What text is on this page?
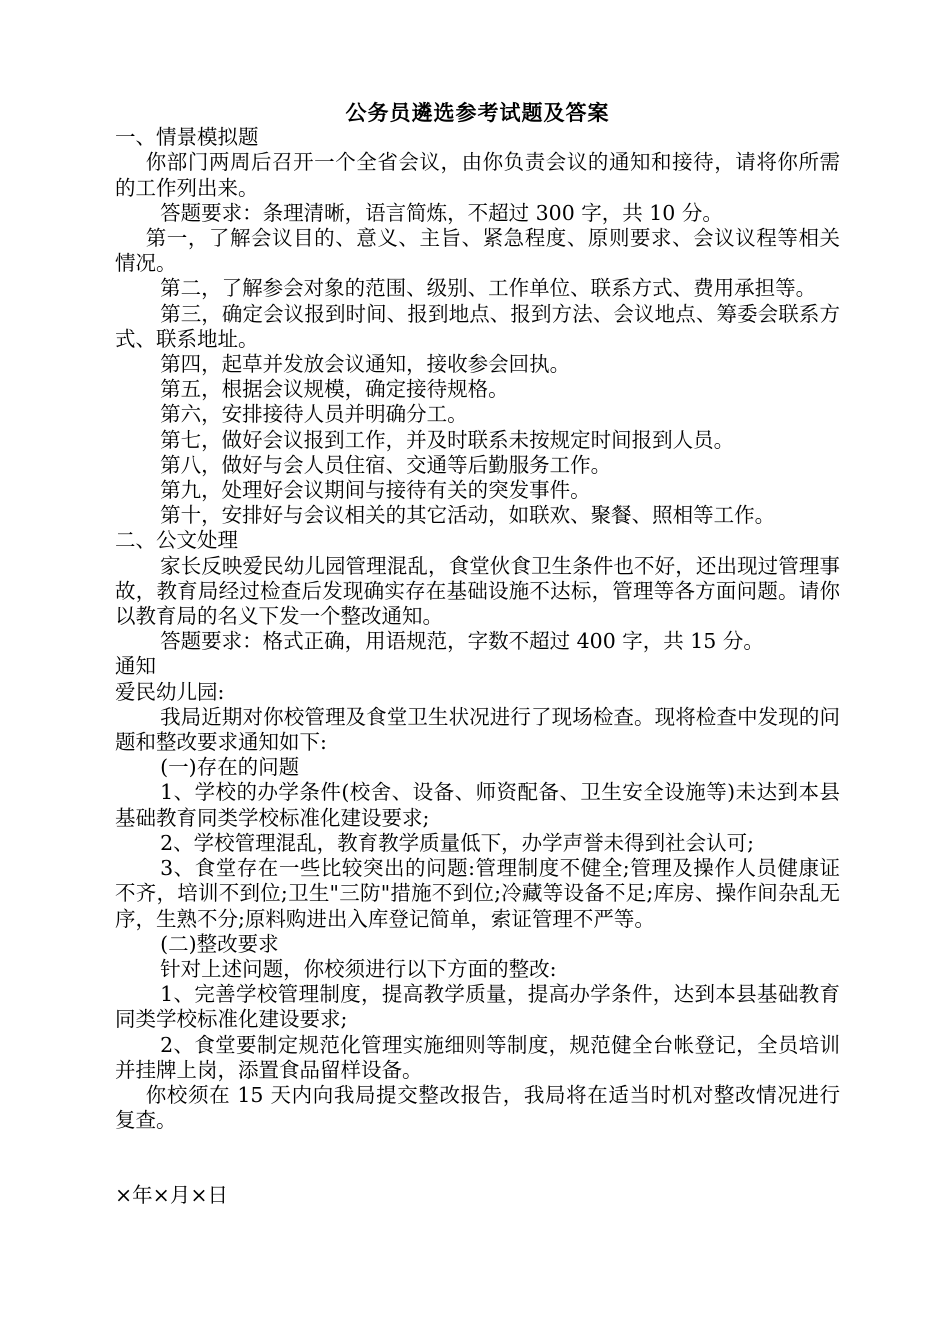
公务员遴选参考试题及答案

一、情景模拟题

你部门两周后召开一个全省会议，由你负责会议的通知和接待，请将你所需的工作列出来。

答题要求：条理清晰，语言简炼，不超过 300 字，共 10 分。

第一，了解会议目的、意义、主旨、紧急程度、原则要求、会议议程等相关情况。

第二，了解参会对象的范围、级别、工作单位、联系方式、费用承担等。

第三，确定会议报到时间、报到地点、报到方法、会议地点、筹委会联系方式、联系地址。

第四，起草并发放会议通知，接收参会回执。

第五，根据会议规模，确定接待规格。

第六，安排接待人员并明确分工。

第七，做好会议报到工作，并及时联系未按规定时间报到人员。

第八，做好与会人员住宿、交通等后勤服务工作。

第九，处理好会议期间与接待有关的突发事件。

第十，安排好与会议相关的其它活动，如联欢、聚餐、照相等工作。

二、公文处理

家长反映爱民幼儿园管理混乱，食堂伙食卫生条件也不好，还出现过管理事故，教育局经过检查后发现确实存在基础设施不达标，管理等各方面问题。请你以教育局的名义下发一个整改通知。

答题要求：格式正确，用语规范，字数不超过 400 字，共 15 分。

通知

爱民幼儿园:

我局近期对你校管理及食堂卫生状况进行了现场检查。现将检查中发现的问题和整改要求通知如下:

(一)存在的问题

1、学校的办学条件(校舍、设备、师资配备、卫生安全设施等)未达到本县基础教育同类学校标准化建设要求;

2、学校管理混乱，教育教学质量低下，办学声誉未得到社会认可;

3、食堂存在一些比较突出的问题:管理制度不健全;管理及操作人员健康证不齐，培训不到位;卫生"三防"措施不到位;冷藏等设备不足;库房、操作间杂乱无序，生熟不分;原料购进出入库登记简单，索证管理不严等。

(二)整改要求

针对上述问题，你校须进行以下方面的整改:

1、完善学校管理制度，提高教学质量，提高办学条件，达到本县基础教育同类学校标准化建设要求;

2、食堂要制定规范化管理实施细则等制度，规范健全台帐登记，全员培训并挂牌上岗，添置食品留样设备。

你校须在 15 天内向我局提交整改报告，我局将在适当时机对整改情况进行复查。

×年×月×日
